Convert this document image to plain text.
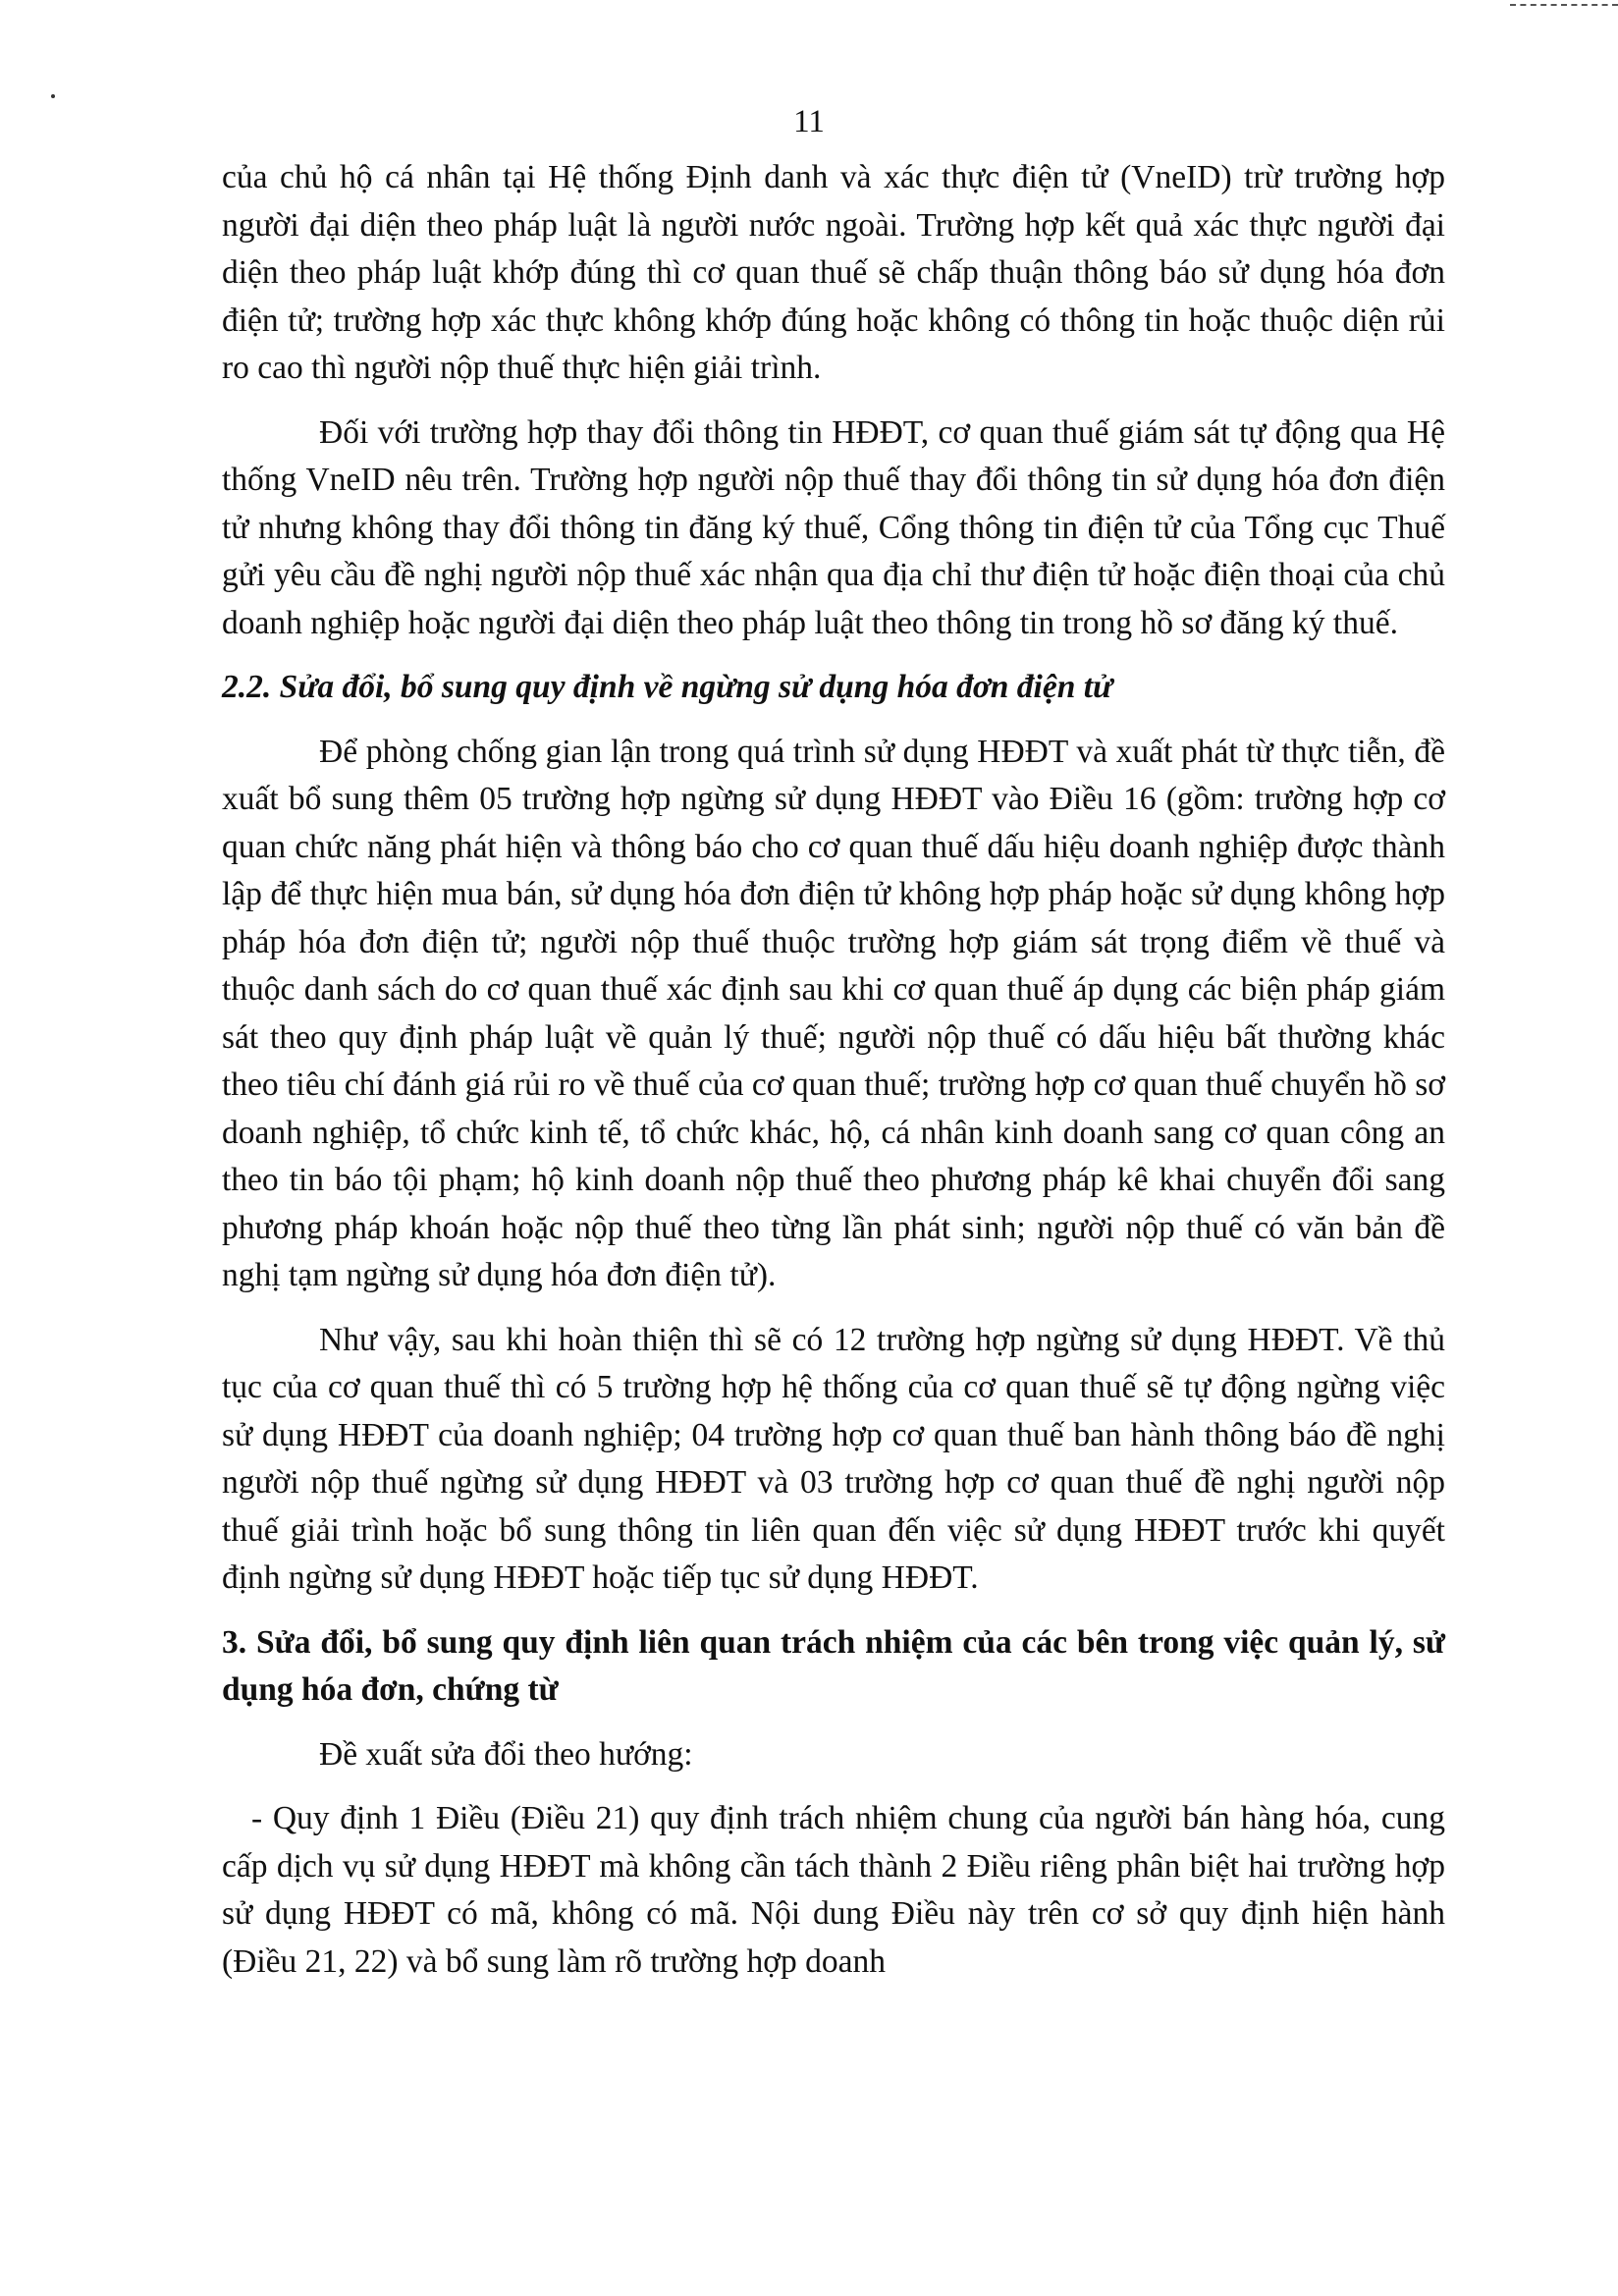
11

của chủ hộ cá nhân tại Hệ thống Định danh và xác thực điện tử (VneID) trừ trường hợp người đại diện theo pháp luật là người nước ngoài. Trường hợp kết quả xác thực người đại diện theo pháp luật khớp đúng thì cơ quan thuế sẽ chấp thuận thông báo sử dụng hóa đơn điện tử; trường hợp xác thực không khớp đúng hoặc không có thông tin hoặc thuộc diện rủi ro cao thì người nộp thuế thực hiện giải trình.

Đối với trường hợp thay đổi thông tin HĐĐT, cơ quan thuế giám sát tự động qua Hệ thống VneID nêu trên. Trường hợp người nộp thuế thay đổi thông tin sử dụng hóa đơn điện tử nhưng không thay đổi thông tin đăng ký thuế, Cổng thông tin điện tử của Tổng cục Thuế gửi yêu cầu đề nghị người nộp thuế xác nhận qua địa chỉ thư điện tử hoặc điện thoại của chủ doanh nghiệp hoặc người đại diện theo pháp luật theo thông tin trong hồ sơ đăng ký thuế.

2.2. Sửa đổi, bổ sung quy định về ngừng sử dụng hóa đơn điện tử

Để phòng chống gian lận trong quá trình sử dụng HĐĐT và xuất phát từ thực tiễn, đề xuất bổ sung thêm 05 trường hợp ngừng sử dụng HĐĐT vào Điều 16 (gồm: trường hợp cơ quan chức năng phát hiện và thông báo cho cơ quan thuế dấu hiệu doanh nghiệp được thành lập để thực hiện mua bán, sử dụng hóa đơn điện tử không hợp pháp hoặc sử dụng không hợp pháp hóa đơn điện tử; người nộp thuế thuộc trường hợp giám sát trọng điểm về thuế và thuộc danh sách do cơ quan thuế xác định sau khi cơ quan thuế áp dụng các biện pháp giám sát theo quy định pháp luật về quản lý thuế; người nộp thuế có dấu hiệu bất thường khác theo tiêu chí đánh giá rủi ro về thuế của cơ quan thuế; trường hợp cơ quan thuế chuyển hồ sơ doanh nghiệp, tổ chức kinh tế, tổ chức khác, hộ, cá nhân kinh doanh sang cơ quan công an theo tin báo tội phạm; hộ kinh doanh nộp thuế theo phương pháp kê khai chuyển đổi sang phương pháp khoán hoặc nộp thuế theo từng lần phát sinh; người nộp thuế có văn bản đề nghị tạm ngừng sử dụng hóa đơn điện tử).

Như vậy, sau khi hoàn thiện thì sẽ có 12 trường hợp ngừng sử dụng HĐĐT. Về thủ tục của cơ quan thuế thì có 5 trường hợp hệ thống của cơ quan thuế sẽ tự động ngừng việc sử dụng HĐĐT của doanh nghiệp; 04 trường hợp cơ quan thuế ban hành thông báo đề nghị người nộp thuế ngừng sử dụng HĐĐT và 03 trường hợp cơ quan thuế đề nghị người nộp thuế giải trình hoặc bổ sung thông tin liên quan đến việc sử dụng HĐĐT trước khi quyết định ngừng sử dụng HĐĐT hoặc tiếp tục sử dụng HĐĐT.

3. Sửa đổi, bổ sung quy định liên quan trách nhiệm của các bên trong việc quản lý, sử dụng hóa đơn, chứng từ

Đề xuất sửa đổi theo hướng:

- Quy định 1 Điều (Điều 21) quy định trách nhiệm chung của người bán hàng hóa, cung cấp dịch vụ sử dụng HĐĐT mà không cần tách thành 2 Điều riêng phân biệt hai trường hợp sử dụng HĐĐT có mã, không có mã. Nội dung Điều này trên cơ sở quy định hiện hành (Điều 21, 22) và bổ sung làm rõ trường hợp doanh
